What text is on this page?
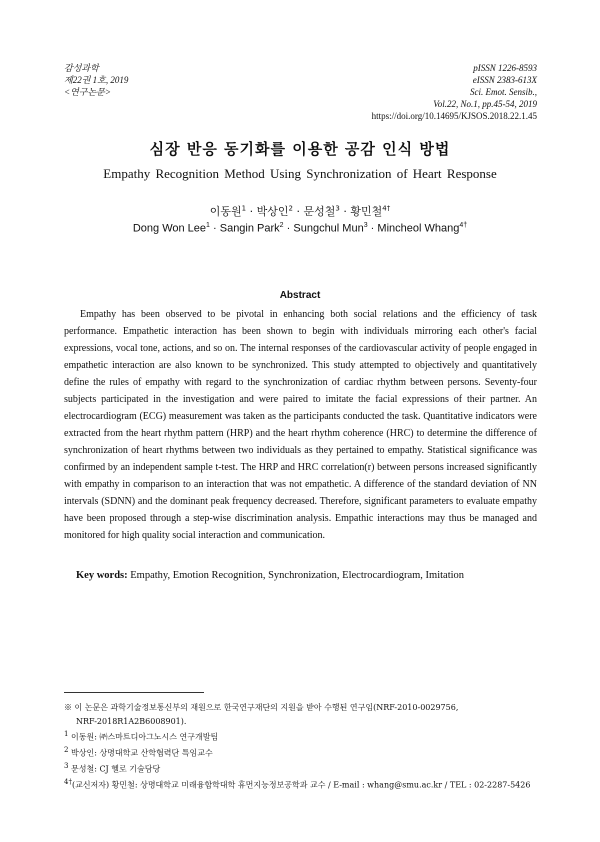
감성과학
제22권 1호, 2019
<연구논문>
pISSN 1226-8593
eISSN 2383-613X
Sci. Emot. Sensib.,
Vol.22, No.1, pp.45-54, 2019
https://doi.org/10.14695/KJSOS.2018.22.1.45
심장 반응 동기화를 이용한 공감 인식 방법
Empathy Recognition Method Using Synchronization of Heart Response
이동원$^1$ · 박상인$^2$ · 문성철$^3$ · 황민철$^{4\dagger}$
Dong Won Lee$^1$ · Sangin Park$^2$ · Sungchul Mun$^3$ · Mincheol Whang$^{4\dagger}$
Abstract

Empathy has been observed to be pivotal in enhancing both social relations and the efficiency of task performance. Empathetic interaction has been shown to begin with individuals mirroring each other's facial expressions, vocal tone, actions, and so on. The internal responses of the cardiovascular activity of people engaged in empathetic interaction are also known to be synchronized. This study attempted to objectively and quantitatively define the rules of empathy with regard to the synchronization of cardiac rhythm between persons. Seventy-four subjects participated in the investigation and were paired to imitate the facial expressions of their partner. An electrocardiogram (ECG) measurement was taken as the participants conducted the task. Quantitative indicators were extracted from the heart rhythm pattern (HRP) and the heart rhythm coherence (HRC) to determine the difference of synchronization of heart rhythms between two individuals as they pertained to empathy. Statistical significance was confirmed by an independent sample t-test. The HRP and HRC correlation(r) between persons increased significantly with empathy in comparison to an interaction that was not empathetic. A difference of the standard deviation of NN intervals (SDNN) and the dominant peak frequency decreased. Therefore, significant parameters to evaluate empathy have been proposed through a step-wise discrimination analysis. Empathic interactions may thus be managed and monitored for high quality social interaction and communication.

Key words: Empathy, Emotion Recognition, Synchronization, Electrocardiogram, Imitation
※ 이 논문은 과학기술정보통신부의 재원으로 한국연구재단의 지원을 받아 수행된 연구임(NRF-2010-0029756,
NRF-2018R1A2B6008901).
$^1$ 이동원: ㈜스마트디아그노시스 연구개발팀
$^2$ 박상인: 상명대학교 산학협력단 특임교수
$^3$ 문성철: CJ 헬로 기술담당
$^{4\dagger}$(교신저자) 황민철: 상명대학교 미래융합학대학 휴먼지능정보공학과 교수 / E-mail : whang@smu.ac.kr / TEL : 02-2287-5426
